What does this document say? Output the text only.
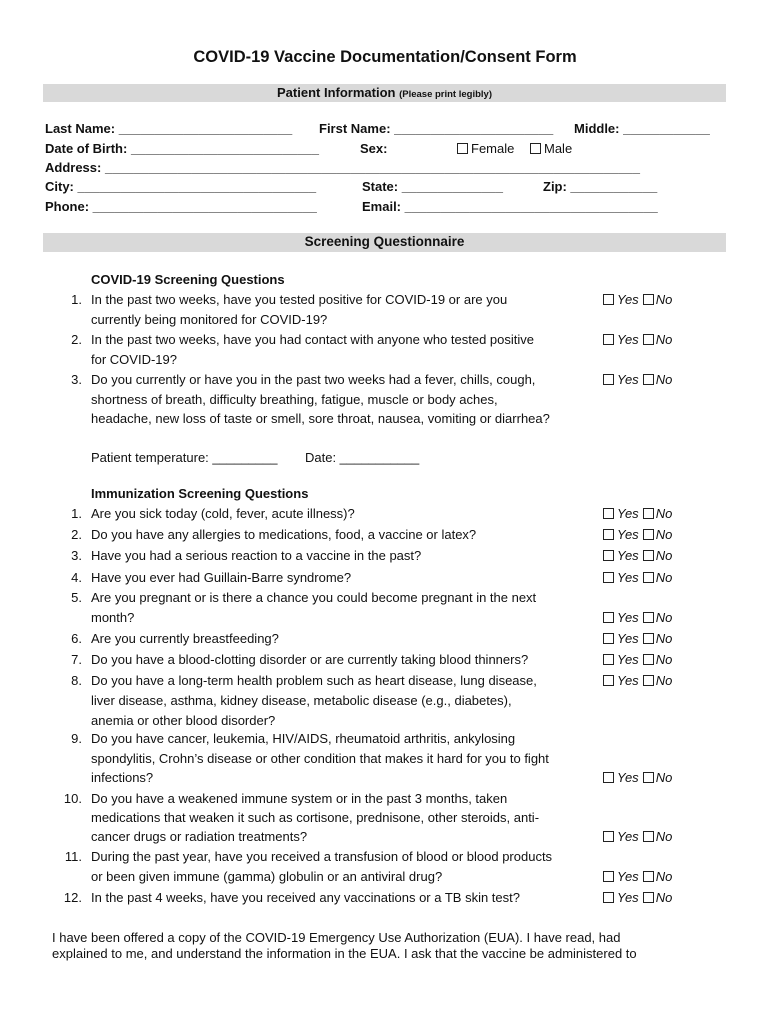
COVID-19 Vaccine Documentation/Consent Form
Patient Information (Please print legibly)
Last Name: ________________________ First Name: ______________________ Middle: ____________
Date of Birth: __________________________	Sex:	Female	Male
Address: __________________________________________________________________________
City: _________________________________	State: ______________	Zip: ____________
Phone: _______________________________	Email: ___________________________________
Screening Questionnaire
COVID-19 Screening Questions
1. In the past two weeks, have you tested positive for COVID-19 or are you
currently being monitored for COVID-19?
Yes No
2. In the past two weeks, have you had contact with anyone who tested positive
for COVID-19?
Yes No
3. Do you currently or have you in the past two weeks had a fever, chills, cough,
shortness of breath, difficulty breathing, fatigue, muscle or body aches,
headache, new loss of taste or smell, sore throat, nausea, vomiting or diarrhea?
Yes No
Patient temperature: _________ Date: ___________
Immunization Screening Questions
1. Are you sick today (cold, fever, acute illness)?	Yes No
2. Do you have any allergies to medications, food, a vaccine or latex?	Yes No
3. Have you had a serious reaction to a vaccine in the past?	Yes No
4. Have you ever had Guillain-Barre syndrome?	Yes No
5. Are you pregnant or is there a chance you could become pregnant in the next
month?	Yes No
6. Are you currently breastfeeding?	Yes No
7. Do you have a blood-clotting disorder or are currently taking blood thinners?	Yes No
8. Do you have a long-term health problem such as heart disease, lung disease,
liver disease, asthma, kidney disease, metabolic disease (e.g., diabetes),
anemia or other blood disorder?
Yes No
9. Do you have cancer, leukemia, HIV/AIDS, rheumatoid arthritis, ankylosing
spondylitis, Crohn’s disease or other condition that makes it hard for you to fight
infections?	Yes No
10. Do you have a weakened immune system or in the past 3 months, taken
medications that weaken it such as cortisone, prednisone, other steroids, anti-
cancer drugs or radiation treatments?	Yes No
11. During the past year, have you received a transfusion of blood or blood products
or been given immune (gamma) globulin or an antiviral drug?	Yes No
12. In the past 4 weeks, have you received any vaccinations or a TB skin test?	Yes No
I have been offered a copy of the COVID-19 Emergency Use Authorization (EUA). I have read, had
explained to me, and understand the information in the EUA. I ask that the vaccine be administered to
